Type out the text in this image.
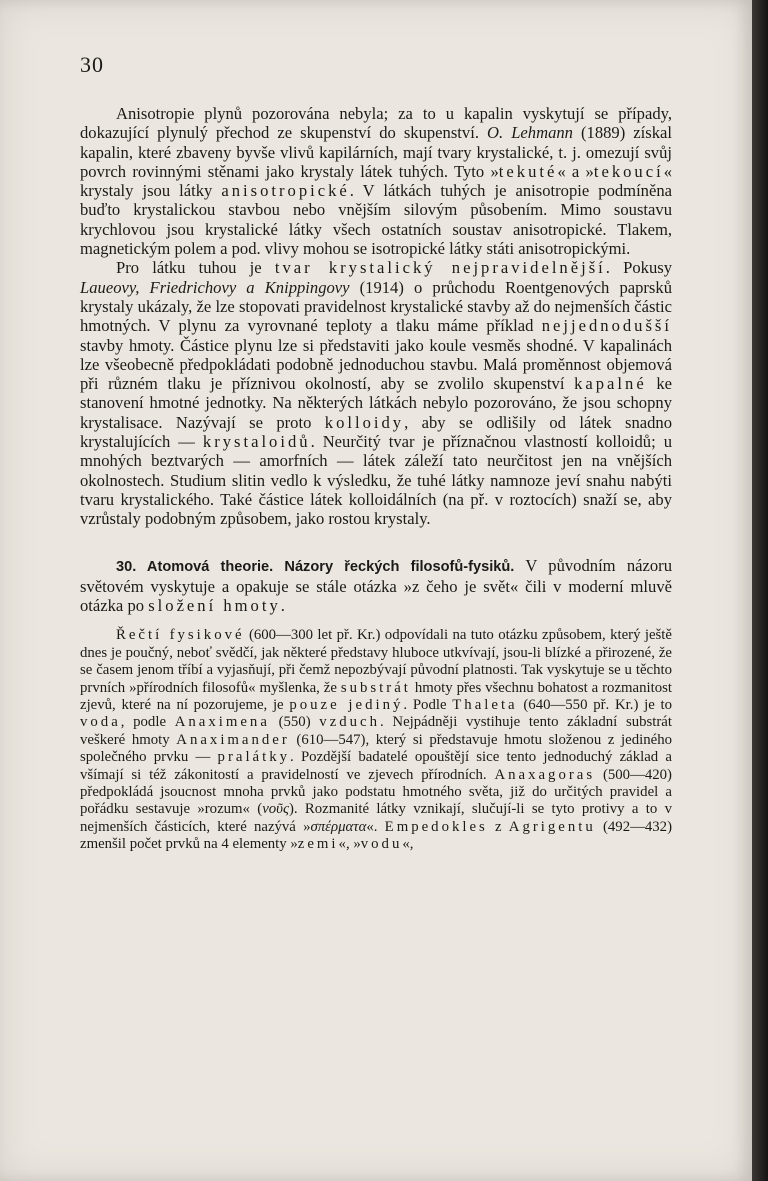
30

Anisotropie plynů pozorována nebyla; za to u kapalin vyskytují se případy, dokazující plynulý přechod ze skupenství do skupenství. O. Lehmann (1889) získal kapalin, které zbaveny byvše vlivů kapilárních, mají tvary krystalické, t. j. omezují svůj povrch rovinnými stěnami jako krystaly látek tuhých. Tyto »tekuté« a »tekoucí« krystaly jsou látky anisotropické. V látkách tuhých je anisotropie podmíněna buďto krystalickou stavbou nebo vnějším silovým působením. Mimo soustavu krychlovou jsou krystalické látky všech ostatních soustav anisotropické. Tlakem, magnetickým polem a pod. vlivy mohou se isotropické látky státi anisotropickými.

Pro látku tuhou je tvar krystalický nejpravidelnější. Pokusy Laueovy, Friedrichovy a Knippingovy (1914) o průchodu Roentgenových paprsků krystaly ukázaly, že lze stopovati pravidelnost krystalické stavby až do nejmenších částic hmotných. V plynu za vyrovnané teploty a tlaku máme příklad nejjednodušší stavby hmoty. Částice plynu lze si představiti jako koule vesměs shodné. V kapalinách lze všeobecně předpokládati podobně jednoduchou stavbu. Malá proměnnost objemová při různém tlaku je příznivou okolností, aby se zvolilo skupenství kapalné ke stanovení hmotné jednotky. Na některých látkách nebylo pozorováno, že jsou schopny krystalisace. Nazývají se proto kolloidy, aby se odlišily od látek snadno krystalujících — krystaloidů. Neurčitý tvar je příznačnou vlastností kolloidů; u mnohých beztvarých — amorfních — látek záleží tato neurčitost jen na vnějších okolnostech. Studium slitin vedlo k výsledku, že tuhé látky namnoze jeví snahu nabýti tvaru krystalického. Také částice látek kolloidálních (na př. v roztocích) snaží se, aby vzrůstaly podobným způsobem, jako rostou krystaly.

30. Atomová theorie. Názory řeckých filosofů-fysiků. V původním názoru světovém vyskytuje a opakuje se stále otázka »z čeho je svět« čili v moderní mluvě otázka po složení hmoty.

Řečtí fysikové (600—300 let př. Kr.) odpovídali na tuto otázku způsobem, který ještě dnes je poučný, neboť svědčí, jak některé představy hluboce utkvívají, jsou-li blízké a přirozené, že se časem jenom tříbí a vyjasňují, při čemž nepozbývají původní platnosti. Tak vyskytuje se u těchto prvních »přírodních filosofů« myšlenka, že substrát hmoty přes všechnu bohatost a rozmanitost zjevů, které na ní pozorujeme, je pouze jediný. Podle Thaleta (640—550 př. Kr.) je to voda, podle Anaximena (550) vzduch. Nejpádněji vystihuje tento základní substrát veškeré hmoty Anaximander (610—547), který si představuje hmotu složenou z jediného společného prvku — pralátky. Pozdější badatelé opouštějí sice tento jednoduchý základ a všímají si též zákonitostí a pravidelností ve zjevech přírodních. Anaxagoras (500—420) předpokládá jsoucnost mnoha prvků jako podstatu hmotného světa, již do určitých pravidel a pořádku sestavuje »rozum« (νοῦς). Rozmanité látky vznikají, slučují-li se tyto protivy a to v nejmenších částicích, které nazývá »σπέρματα«. Empedokles z Agrigentu (492—432) zmenšil počet prvků na 4 elementy »zemi«, »vodu«,
